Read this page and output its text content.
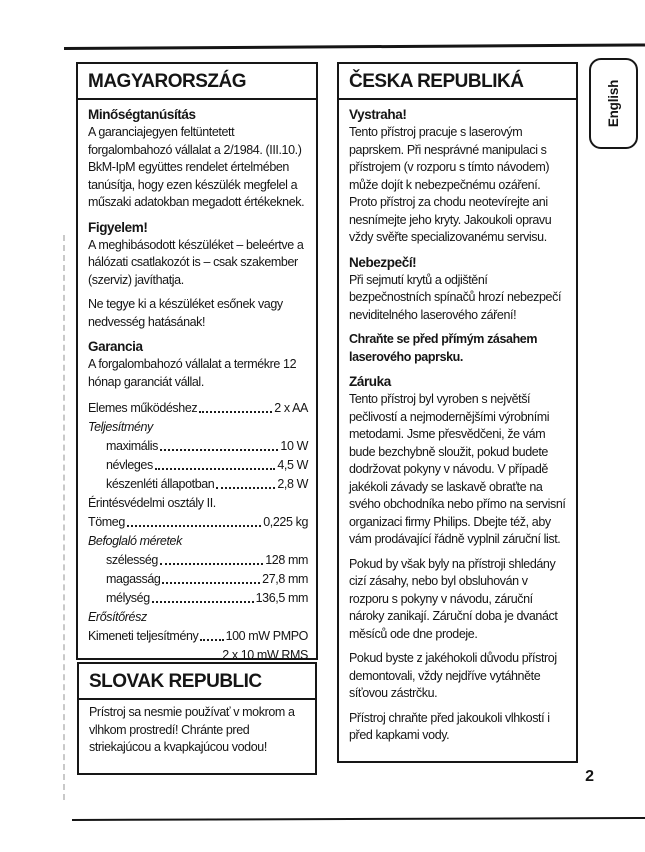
MAGYARORSZÁG
Minőségtanúsítás

A garanciajegyen feltüntetett forgalombahozó vállalat a 2/1984. (III.10.) BkM-IpM együttes rendelet értelmében tanúsítja, hogy ezen készülék megfelel a műszaki adatokban megadott értékeknek.

Figyelem!

A meghibásodott készüléket – beleértve a hálózati csatlakozót is – csak szakember (szerviz) javíthatja.

Ne tegye ki a készüléket esőnek vagy nedvesség hatásának!

Garancia

A forgalombahozó vállalat a termékre 12 hónap garanciát vállal.

Elemes működéshez	2 x AA
Teljesítmény
maximális	10 W
névleges	4,5 W
készenléti állapotban	2,8 W
Érintésvédelmi osztály II.
Tömeg	0,225 kg
Befoglaló méretek
szélesség	128 mm
magasság	27,8 mm
mélység	136,5 mm
Erősítőrész
Kimeneti teljesítmény 100 mW PMPO
2 x 10 mW RMS
SLOVAK REPUBLIC

Prístroj sa nesmie používať v mokrom a vlhkom prostredí! Chránte pred striekajúcou a kvapkajúcou vodou!

ČESKA REPUBLIKÁ
Vystraha!

Tento přístroj pracuje s laserovým paprskem. Při nesprávné manipulaci s přístrojem (v rozporu s tímto návodem) může dojít k nebezpečnému ozáření. Proto přístroj za chodu neotevírejte ani nesnímejte jeho kryty. Jakoukoli opravu vždy svěřte specializovanému servisu.

Nebezpečí!

Při sejmutí krytů a odjištění bezpečnostních spínačů hrozí nebezpečí neviditelného laserového záření!

Chraňte se před přímým zásahem laserového paprsku.

Záruka

Tento přístroj byl vyroben s největší pečlivostí a nejmodernějšími výrobními metodami. Jsme přesvědčeni, že vám bude bezchybně sloužit, pokud budete dodržovat pokyny v návodu. V případě jakékoli závady se laskavě obraťte na svého obchodníka nebo přímo na servisní organizaci firmy Philips. Dbejte též, aby vám prodávající řádně vyplnil záruční list.

Pokud by však byly na přístroji shledány cizí zásahy, nebo byl obsluhován v rozporu s pokyny v návodu, záruční nároky zanikají. Záruční doba je dvanáct měsíců ode dne prodeje.

Pokud byste z jakéhokoli důvodu přístroj demontovali, vždy nejdříve vytáhněte síťovou zástrčku.

Přístroj chraňte před jakoukoli vlhkostí i před kapkami vody.

English
2
